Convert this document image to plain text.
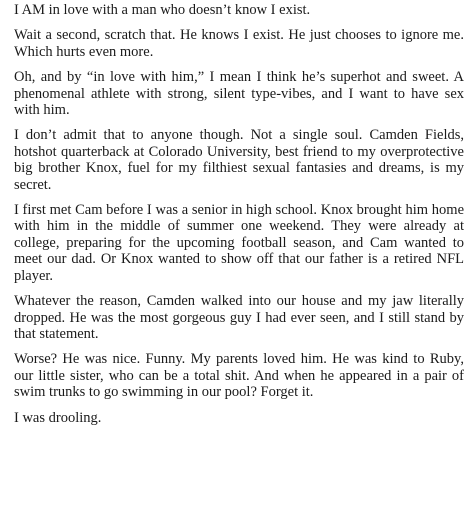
I AM in love with a man who doesn’t know I exist.

Wait a second, scratch that. He knows I exist. He just chooses to ignore me. Which hurts even more.

Oh, and by “in love with him,” I mean I think he’s superhot and sweet. A phenomenal athlete with strong, silent type-vibes, and I want to have sex with him.

I don’t admit that to anyone though. Not a single soul. Camden Fields, hotshot quarterback at Colorado University, best friend to my overprotective big brother Knox, fuel for my filthiest sexual fantasies and dreams, is my secret.

I first met Cam before I was a senior in high school. Knox brought him home with him in the middle of summer one weekend. They were already at college, preparing for the upcoming football season, and Cam wanted to meet our dad. Or Knox wanted to show off that our father is a retired NFL player.

Whatever the reason, Camden walked into our house and my jaw literally dropped. He was the most gorgeous guy I had ever seen, and I still stand by that statement.

Worse? He was nice. Funny. My parents loved him. He was kind to Ruby, our little sister, who can be a total shit. And when he appeared in a pair of swim trunks to go swimming in our pool? Forget it.

I was drooling.
